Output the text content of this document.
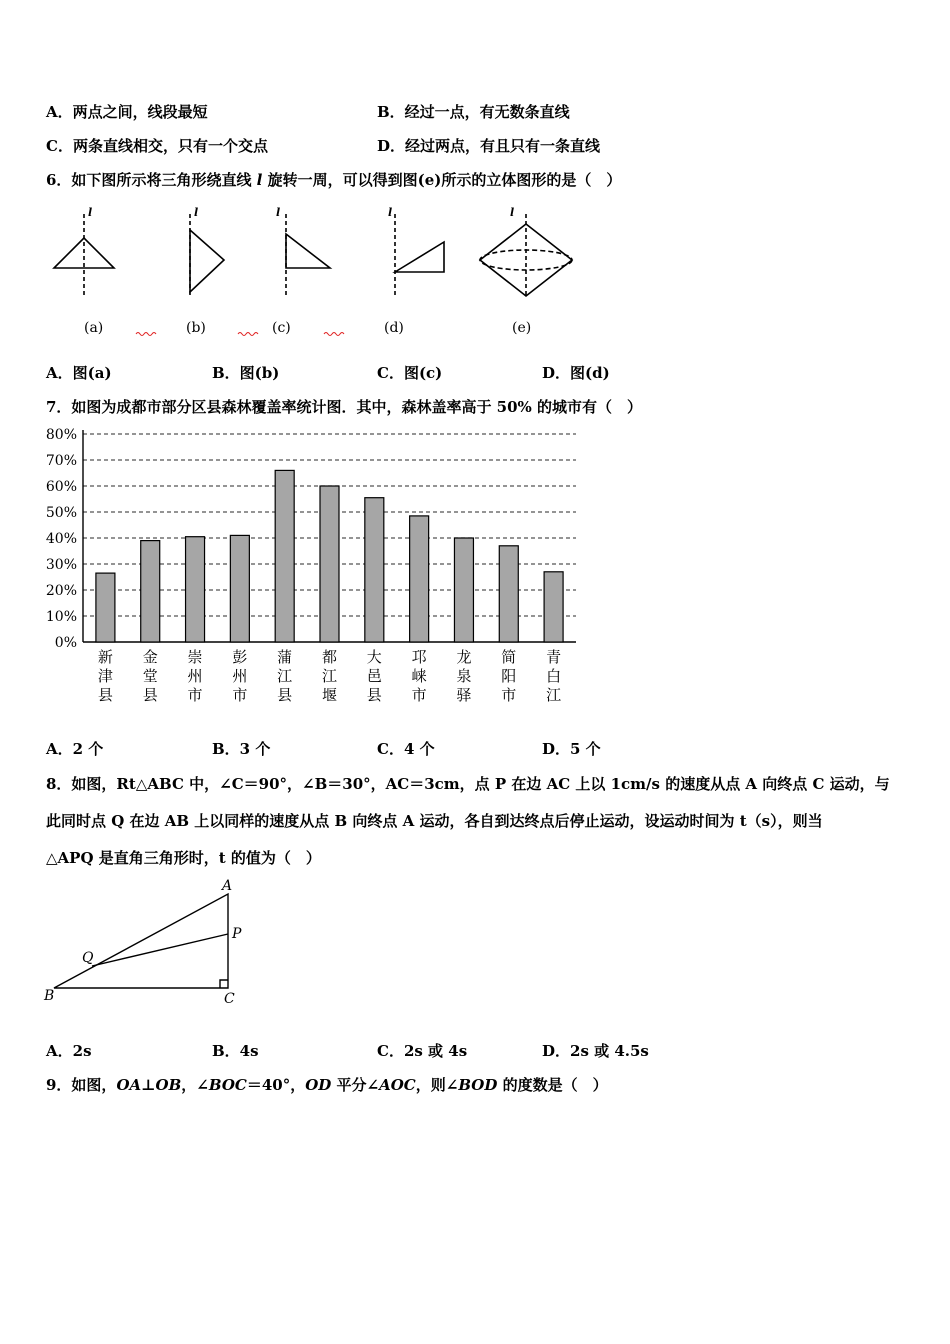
A．两点之间，线段最短	B．经过一点，有无数条直线
C．两条直线相交，只有一个交点	D．经过两点，有且只有一条直线
6．如下图所示将三角形绕直线 l 旋转一周，可以得到图(e)所示的立体图形的是（　）
l	l	l	l	l
(a)	(b)	(c)	(d)	(e)
A．图(a)	B．图(b)	C．图(c)	D．图(d)
7．如图为成都市部分区县森林覆盖率统计图．其中，森林盖率高于 50% 的城市有（　）
0%
10%
20%
30%
40%
50%
60%
70%
80%
新津县
金堂县
崇州市
彭州市
蒲江县
都江堰
大邑县
邛崃市
龙泉驿
简阳市
青白江
A．2 个	B．3 个	C．4 个	D．5 个
8．如图，Rt△ABC 中，∠C＝90°，∠B＝30°，AC＝3cm，点 P 在边 AC 上以 1cm/s 的速度从点 A 向终点 C 运动，与
此同时点 Q 在边 AB 上以同样的速度从点 B 向终点 A 运动，各自到达终点后停止运动，设运动时间为 t（s），则当
△APQ 是直角三角形时，t 的值为（　）
A
B	C
P
Q
A．2s	B．4s	C．2s 或 4s	D．2s 或 4.5s
9．如图，OA⊥OB，∠BOC＝40°，OD 平分∠AOC，则∠BOD 的度数是（　）
